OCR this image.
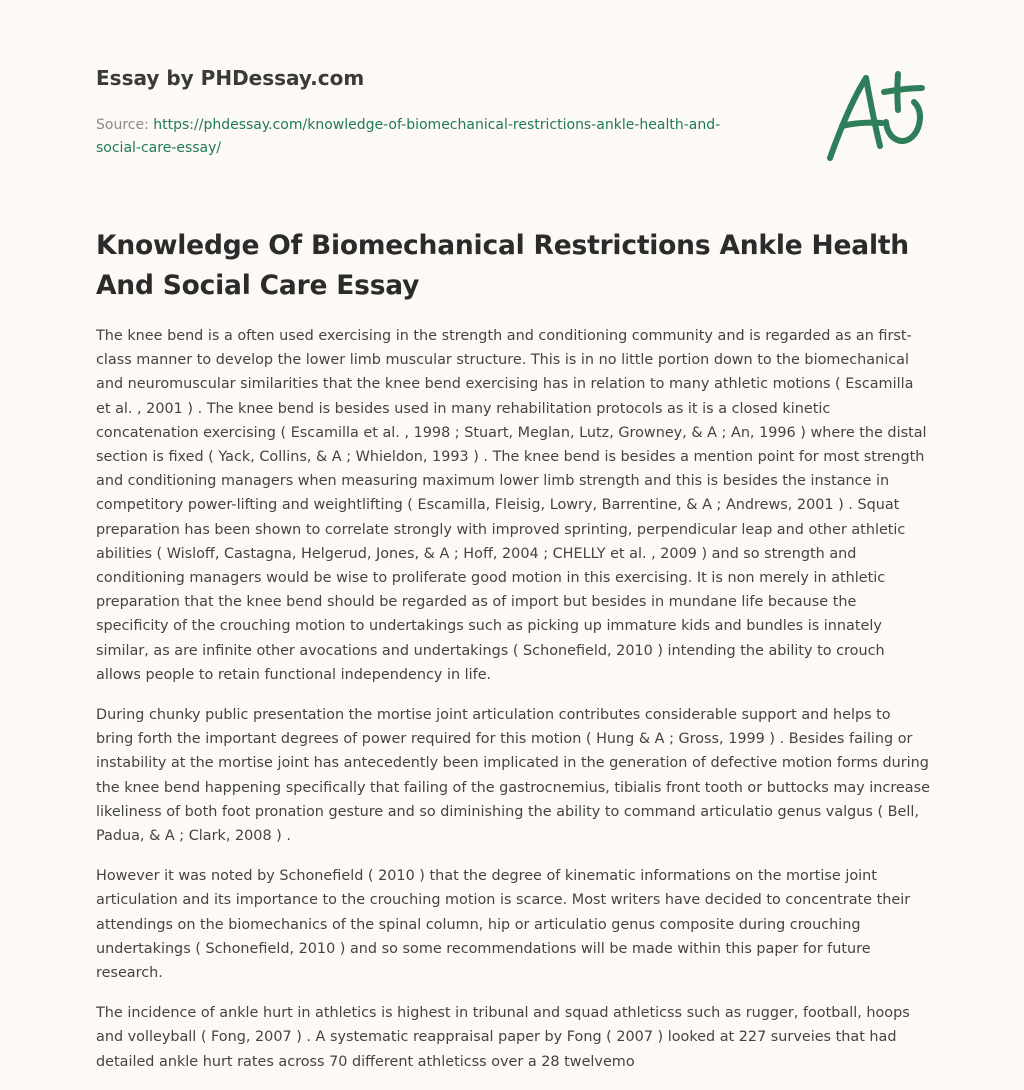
Essay by PHDessay.com
Source: https://phdessay.com/knowledge-of-biomechanical-restrictions-ankle-health-and-social-care-essay/
Knowledge Of Biomechanical Restrictions Ankle Health And Social Care Essay

The knee bend is a often used exercising in the strength and conditioning community and is regarded as an first-class manner to develop the lower limb muscular structure. This is in no little portion down to the biomechanical and neuromuscular similarities that the knee bend exercising has in relation to many athletic motions ( Escamilla et al. , 2001 ) . The knee bend is besides used in many rehabilitation protocols as it is a closed kinetic concatenation exercising ( Escamilla et al. , 1998 ; Stuart, Meglan, Lutz, Growney, & A ; An, 1996 ) where the distal section is fixed ( Yack, Collins, & A ; Whieldon, 1993 ) . The knee bend is besides a mention point for most strength and conditioning managers when measuring maximum lower limb strength and this is besides the instance in competitory power-lifting and weightlifting ( Escamilla, Fleisig, Lowry, Barrentine, & A ; Andrews, 2001 ) . Squat preparation has been shown to correlate strongly with improved sprinting, perpendicular leap and other athletic abilities ( Wisloff, Castagna, Helgerud, Jones, & A ; Hoff, 2004 ; CHELLY et al. , 2009 ) and so strength and conditioning managers would be wise to proliferate good motion in this exercising. It is non merely in athletic preparation that the knee bend should be regarded as of import but besides in mundane life because the specificity of the crouching motion to undertakings such as picking up immature kids and bundles is innately similar, as are infinite other avocations and undertakings ( Schonefield, 2010 ) intending the ability to crouch allows people to retain functional independency in life.

During chunky public presentation the mortise joint articulation contributes considerable support and helps to bring forth the important degrees of power required for this motion ( Hung & A ; Gross, 1999 ) . Besides failing or instability at the mortise joint has antecedently been implicated in the generation of defective motion forms during the knee bend happening specifically that failing of the gastrocnemius, tibialis front tooth or buttocks may increase likeliness of both foot pronation gesture and so diminishing the ability to command articulatio genus valgus ( Bell, Padua, & A ; Clark, 2008 ) .

However it was noted by Schonefield ( 2010 ) that the degree of kinematic informations on the mortise joint articulation and its importance to the crouching motion is scarce. Most writers have decided to concentrate their attendings on the biomechanics of the spinal column, hip or articulatio genus composite during crouching undertakings ( Schonefield, 2010 ) and so some recommendations will be made within this paper for future research.

The incidence of ankle hurt in athletics is highest in tribunal and squad athleticss such as rugger, football, hoops and volleyball ( Fong, 2007 ) . A systematic reappraisal paper by Fong ( 2007 ) looked at 227 surveies that had detailed ankle hurt rates across 70 different athleticss over a 28 twelvemo
